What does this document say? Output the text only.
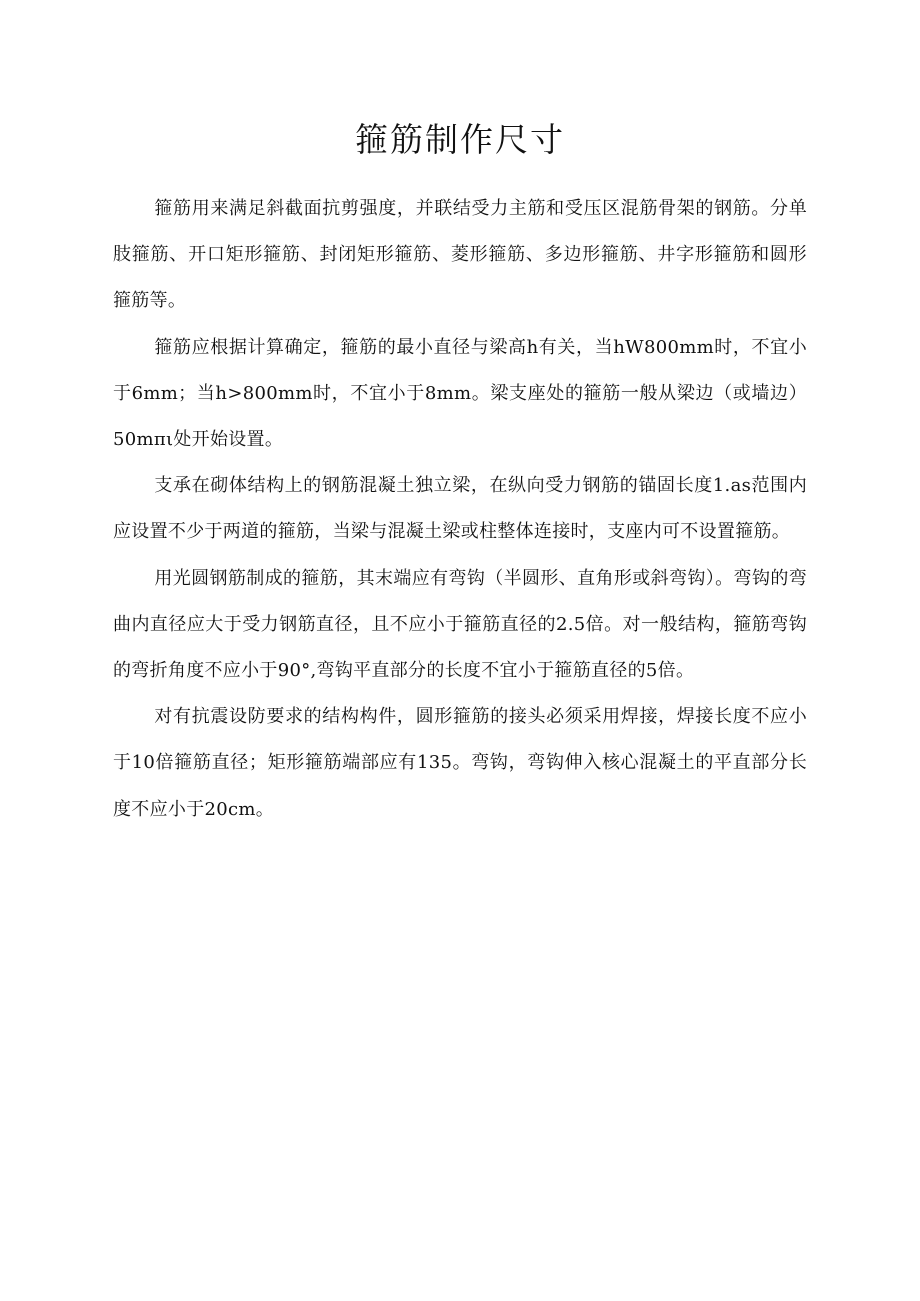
箍筋制作尺寸

箍筋用来满足斜截面抗剪强度，并联结受力主筋和受压区混筋骨架的钢筋。分单肢箍筋、开口矩形箍筋、封闭矩形箍筋、菱形箍筋、多边形箍筋、井字形箍筋和圆形箍筋等。

箍筋应根据计算确定，箍筋的最小直径与梁高h有关，当hW800mm时，不宜小于6mm；当h>800mm时，不宜小于8mm。梁支座处的箍筋一般从梁边（或墙边）50mπι处开始设置。

支承在砌体结构上的钢筋混凝土独立梁，在纵向受力钢筋的锚固长度1.as范围内应设置不少于两道的箍筋，当梁与混凝土梁或柱整体连接时，支座内可不设置箍筋。

用光圆钢筋制成的箍筋，其末端应有弯钩（半圆形、直角形或斜弯钩）。弯钩的弯曲内直径应大于受力钢筋直径，且不应小于箍筋直径的2.5倍。对一般结构，箍筋弯钩的弯折角度不应小于90°,弯钩平直部分的长度不宜小于箍筋直径的5倍。

对有抗震设防要求的结构构件，圆形箍筋的接头必须采用焊接，焊接长度不应小于10倍箍筋直径；矩形箍筋端部应有135。弯钩，弯钩伸入核心混凝土的平直部分长度不应小于20cm。
